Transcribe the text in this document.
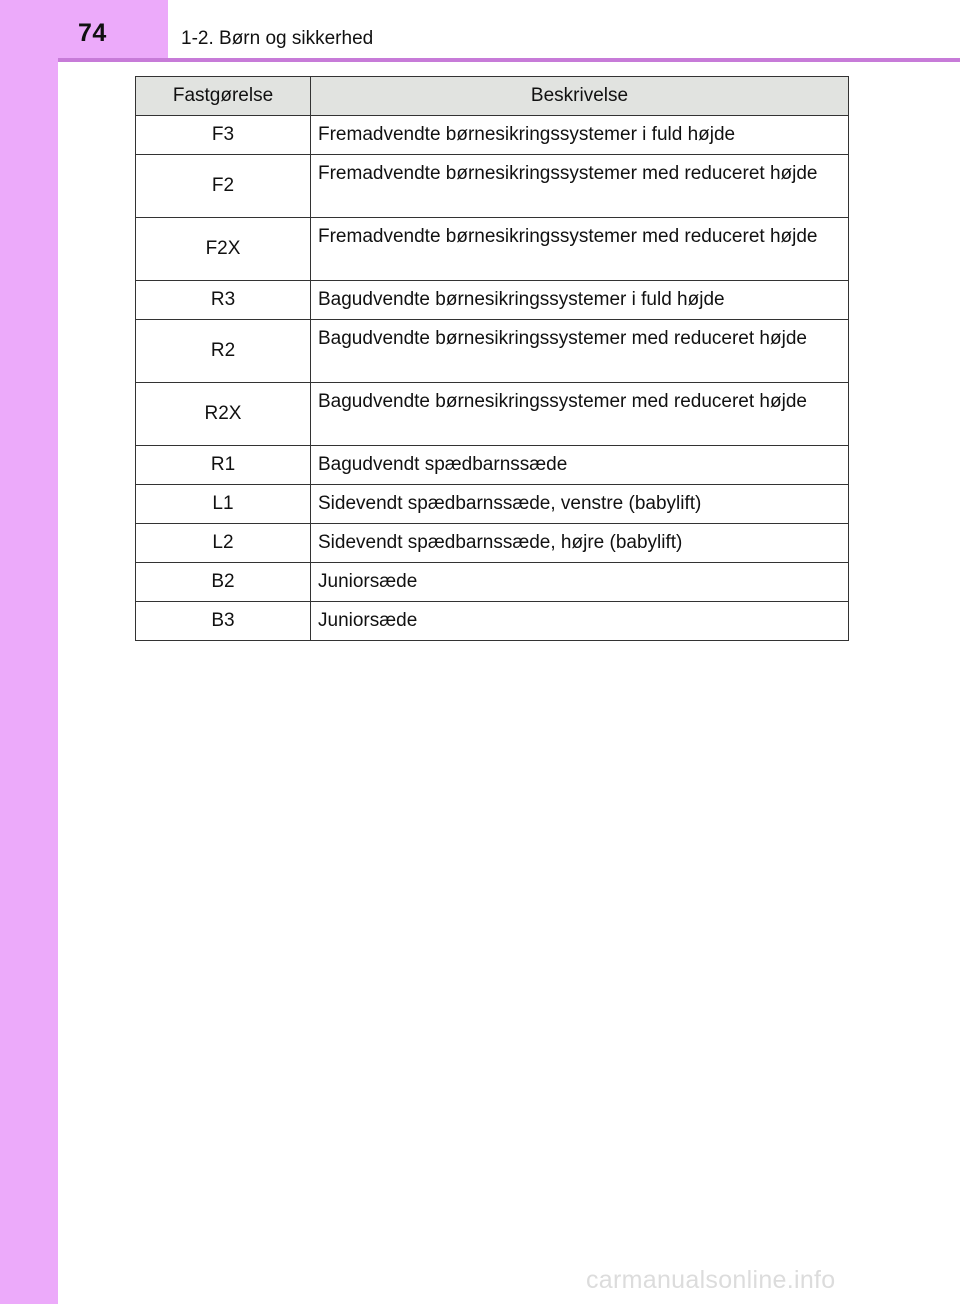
74	1-2. Børn og sikkerhed
Fastgørelse	Beskrivelse
F3	Fremadvendte børnesikringssystemer i fuld højde
F2	Fremadvendte børnesikringssystemer med reduceret højde
F2X	Fremadvendte børnesikringssystemer med reduceret højde
R3	Bagudvendte børnesikringssystemer i fuld højde
R2	Bagudvendte børnesikringssystemer med reduceret højde
R2X	Bagudvendte børnesikringssystemer med reduceret højde
R1	Bagudvendt spædbarnssæde
L1	Sidevendt spædbarnssæde, venstre (babylift)
L2	Sidevendt spædbarnssæde, højre (babylift)
B2	Juniorsæde
B3	Juniorsæde
carmanualsonline.info
